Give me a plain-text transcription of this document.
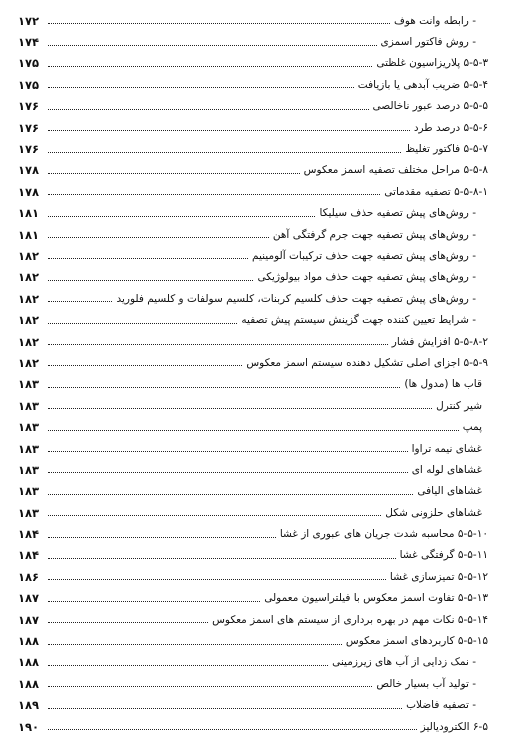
۱۷۲	- رابطه وانت هوف
۱۷۴	- روش فاکتور اسمزی
۱۷۵	۵-۵-۳ پلاریزاسیون غلظتی
۱۷۵	۵-۵-۴ ضریب آبدهی یا بازیافت
۱۷۶	۵-۵-۵ درصد عبور ناخالصی
۱۷۶	۵-۵-۶ درصد طرد
۱۷۶	۵-۵-۷ فاکتور تغلیظ
۱۷۸	۵-۵-۸ مراحل مختلف تصفیه اسمز معکوس
۱۷۸	۵-۵-۸-۱ تصفیه مقدماتی
۱۸۱	- روش‌های پیش تصفیه حذف سیلیکا
۱۸۱	- روش‌های پیش تصفیه جهت جرم گرفتگی آهن
۱۸۲	- روش‌های پیش تصفیه جهت حذف ترکیبات آلومینیم
۱۸۲	- روش‌های پیش تصفیه جهت حذف مواد بیولوژیکی
۱۸۲	- روش‌های پیش تصفیه جهت حذف کلسیم کربنات، کلسیم سولفات و کلسیم فلورید
۱۸۲	- شرایط تعیین کننده جهت گزینش سیستم پیش تصفیه
۱۸۲	۵-۵-۸-۲ افزایش فشار
۱۸۲	۵-۵-۹ اجزای اصلی تشکیل دهنده سیستم اسمز معکوس
۱۸۳	قاب ها (مدول ها)
۱۸۳	شیر کنترل
۱۸۳	پمپ
۱۸۳	غشای نیمه تراوا
۱۸۳	غشاهای لوله ای
۱۸۳	غشاهای الیافی
۱۸۳	غشاهای حلزونی شکل
۱۸۴	۵-۵-۱۰ محاسبه شدت جریان های عبوری از غشا
۱۸۴	۵-۵-۱۱ گرفتگی غشا
۱۸۶	۵-۵-۱۲ تمیزسازی غشا
۱۸۷	۵-۵-۱۳ تفاوت اسمز معکوس با فیلتراسیون معمولی
۱۸۷	۵-۵-۱۴ نکات مهم در بهره برداری از سیستم های اسمز معکوس
۱۸۸	۵-۵-۱۵ کاربردهای اسمز معکوس
۱۸۸	- نمک زدایی از آب های زیرزمینی
۱۸۸	- تولید آب بسیار خالص
۱۸۹	- تصفیه فاضلاب
۱۹۰	۶-۵ الکترودیالیز
